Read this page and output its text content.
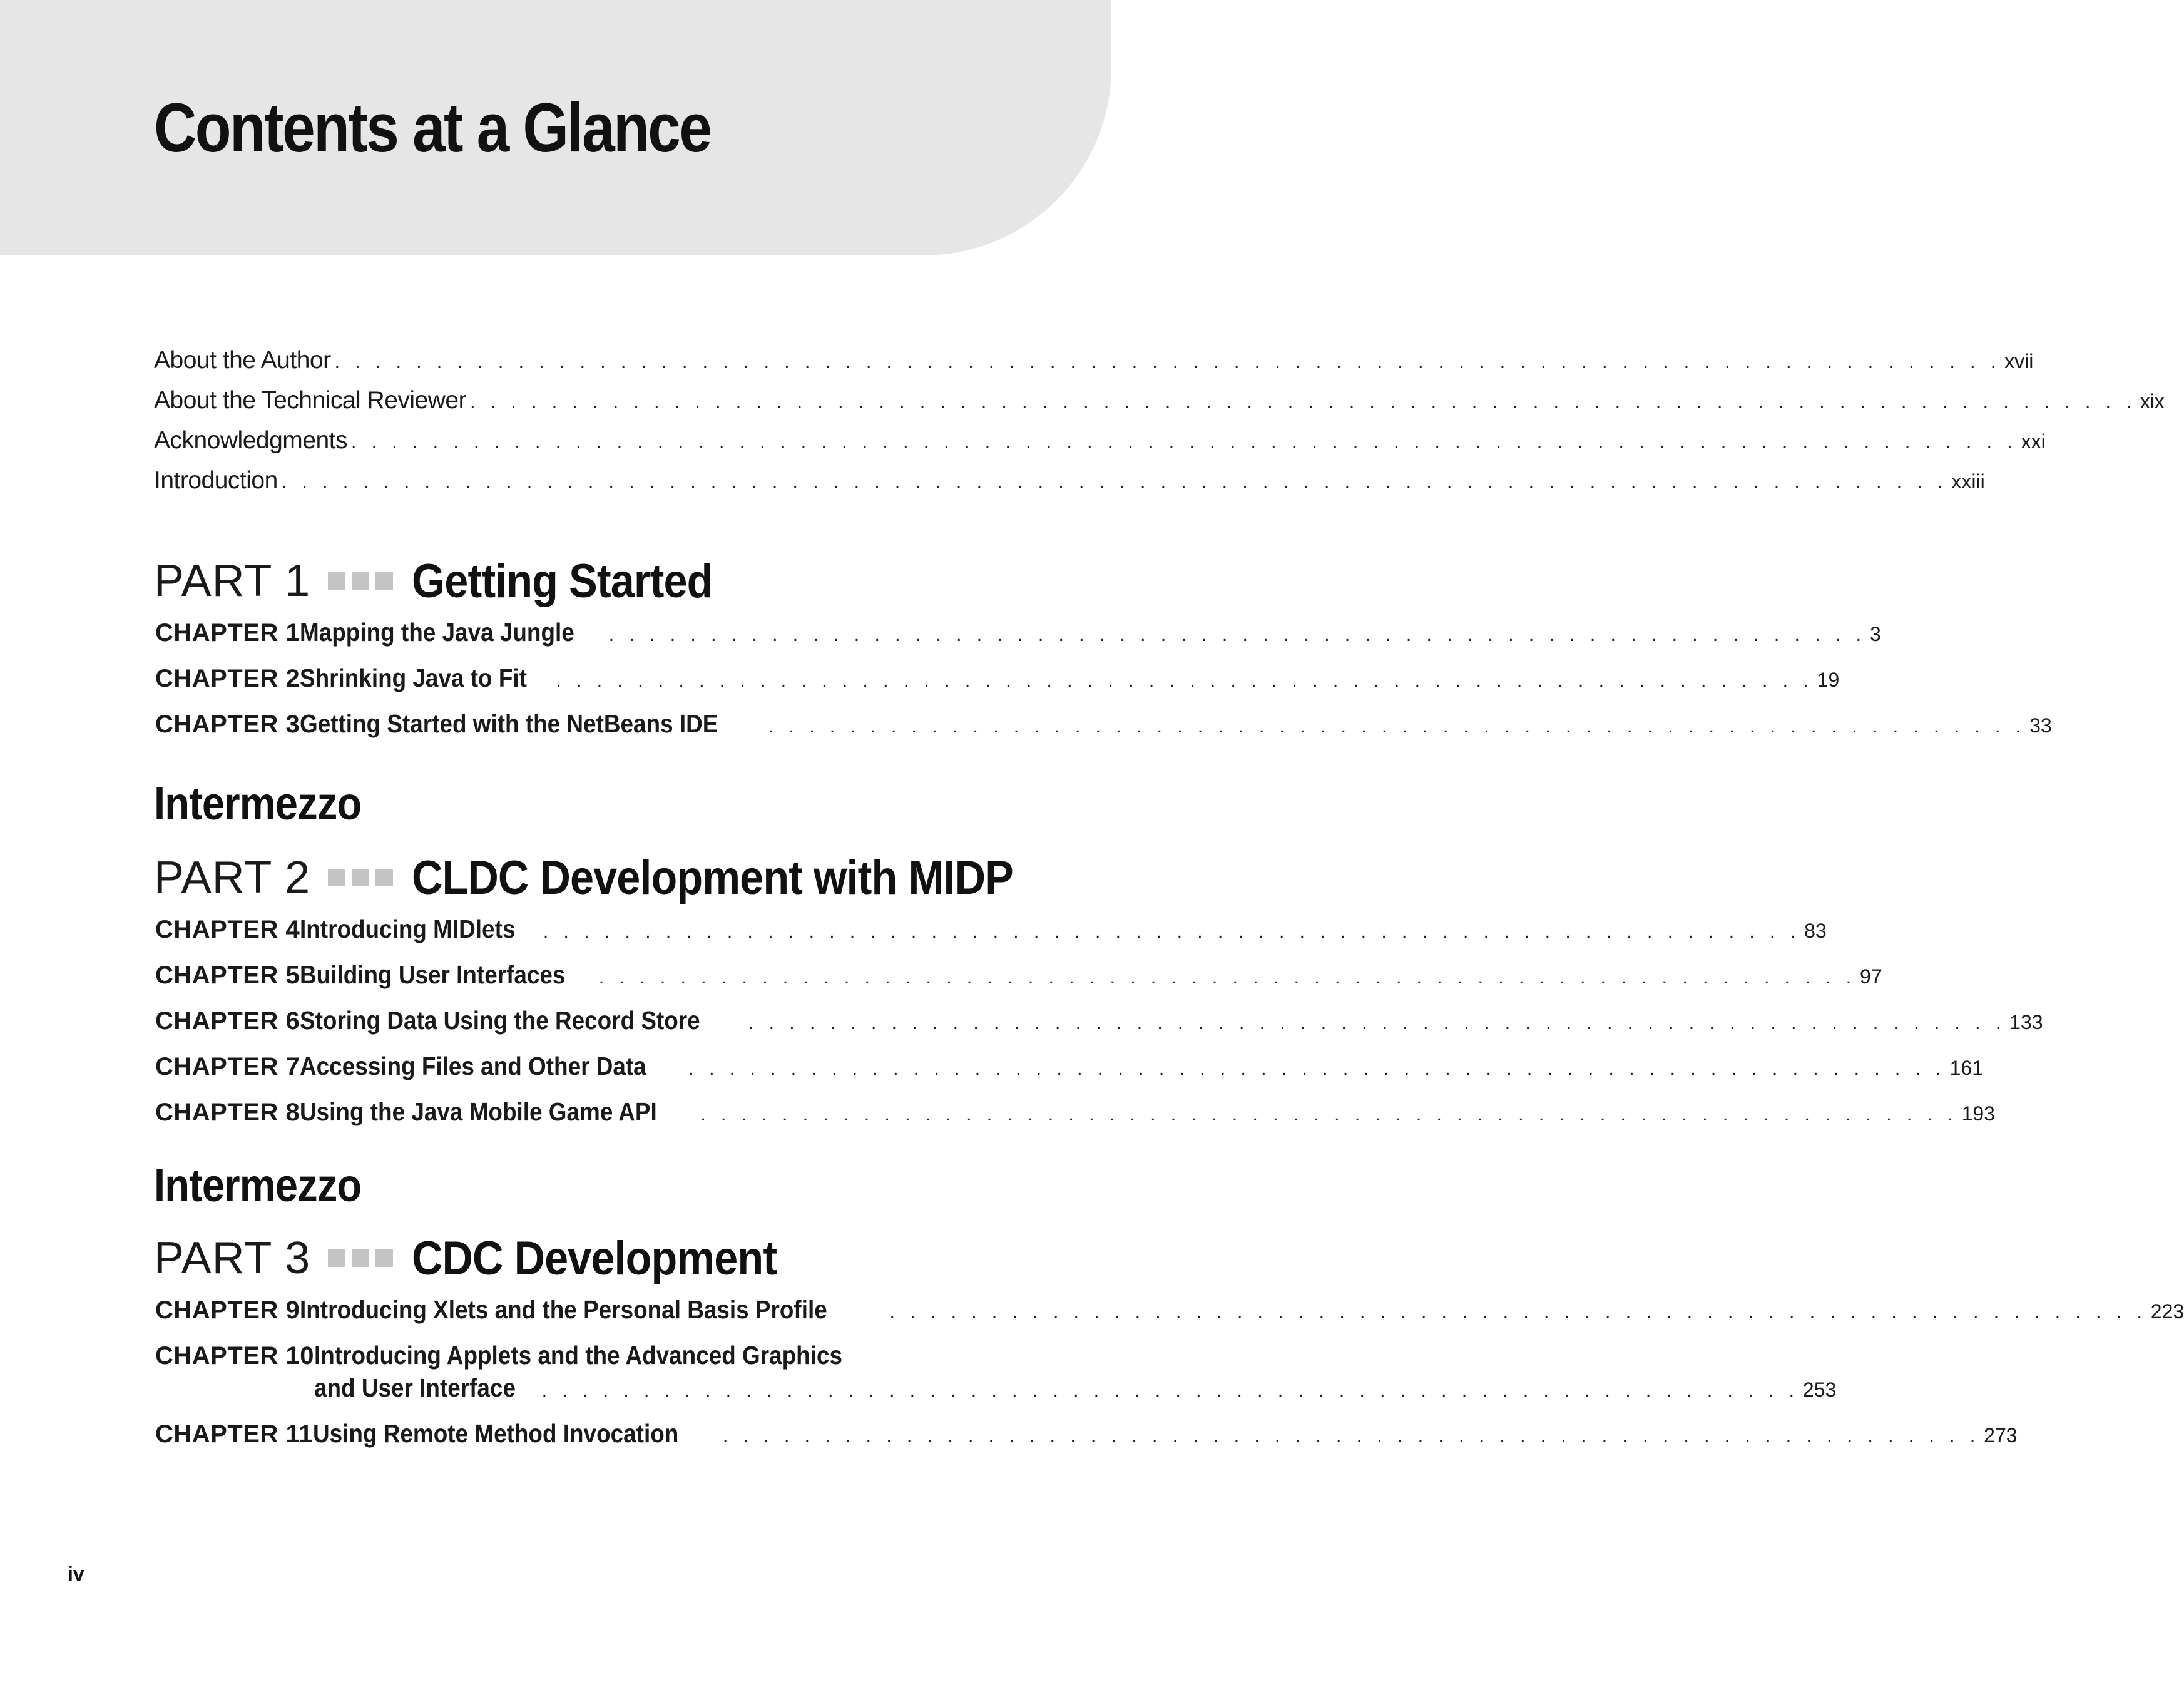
Contents at a Glance
About the Author . . . . . . . . . . . . . . . . . . . . . . . . . . . . . . . . . . . . . . . . . . . . . . . . . . . . . . . . . . . . . . . . . . . . . . . . . . . . . . . . . . xvii
About the Technical Reviewer . . . . . . . . . . . . . . . . . . . . . . . . . . . . . . . . . . . . . . . . . . . . . . . . . . . . . . . . . . . . . . . . . . . . . . . . . . . . . . . . . . xix
Acknowledgments . . . . . . . . . . . . . . . . . . . . . . . . . . . . . . . . . . . . . . . . . . . . . . . . . . . . . . . . . . . . . . . . . . . . . . . . . . . . . . . . . . xxi
Introduction . . . . . . . . . . . . . . . . . . . . . . . . . . . . . . . . . . . . . . . . . . . . . . . . . . . . . . . . . . . . . . . . . . . . . . . . . . . . . . . . . . xxiii
PART 1 Getting Started
CHAPTER 1 Mapping the Java Jungle . . . . . . . . . . . . . . . . . . . . . . . . . . . . . . . . . . . . . . . . . . . . . . . . . . . . . . . . . . . . . . 3
CHAPTER 2 Shrinking Java to Fit . . . . . . . . . . . . . . . . . . . . . . . . . . . . . . . . . . . . . . . . . . . . . . . . . . . . . . . . . . . . . . 19
CHAPTER 3 Getting Started with the NetBeans IDE	. . . . . . . . . . . . . . . . . . . . . . . . . . . . . . . . . . . . . . . . . . . . . . . . . . . . . . . . . . . . . . 33
Intermezzo
PART 2 CLDC Development with MIDP
CHAPTER 4 Introducing MIDlets . . . . . . . . . . . . . . . . . . . . . . . . . . . . . . . . . . . . . . . . . . . . . . . . . . . . . . . . . . . . . . 83
CHAPTER 5 Building User Interfaces . . . . . . . . . . . . . . . . . . . . . . . . . . . . . . . . . . . . . . . . . . . . . . . . . . . . . . . . . . . . . . 97
CHAPTER 6 Storing Data Using the Record Store	. . . . . . . . . . . . . . . . . . . . . . . . . . . . . . . . . . . . . . . . . . . . . . . . . . . . . . . . . . . . . . 133
CHAPTER 7 Accessing Files and Other Data . . . . . . . . . . . . . . . . . . . . . . . . . . . . . . . . . . . . . . . . . . . . . . . . . . . . . . . . . . . . . . 161
CHAPTER 8 Using the Java Mobile Game API . . . . . . . . . . . . . . . . . . . . . . . . . . . . . . . . . . . . . . . . . . . . . . . . . . . . . . . . . . . . . . 193
Intermezzo
PART 3 CDC Development
CHAPTER 9 Introducing Xlets and the Personal Basis Profile	. . . . . . . . . . . . . . . . . . . . . . . . . . . . . . . . . . . . . . . . . . . . . . . . . . . . . . . . . . . . . . 223
CHAPTER 10 Introducing Applets and the Advanced Graphics
and User Interface . . . . . . . . . . . . . . . . . . . . . . . . . . . . . . . . . . . . . . . . . . . . . . . . . . . . . . . . . . . . . . 253
CHAPTER 11 Using Remote Method Invocation . . . . . . . . . . . . . . . . . . . . . . . . . . . . . . . . . . . . . . . . . . . . . . . . . . . . . . . . . . . . . . 273
iv
